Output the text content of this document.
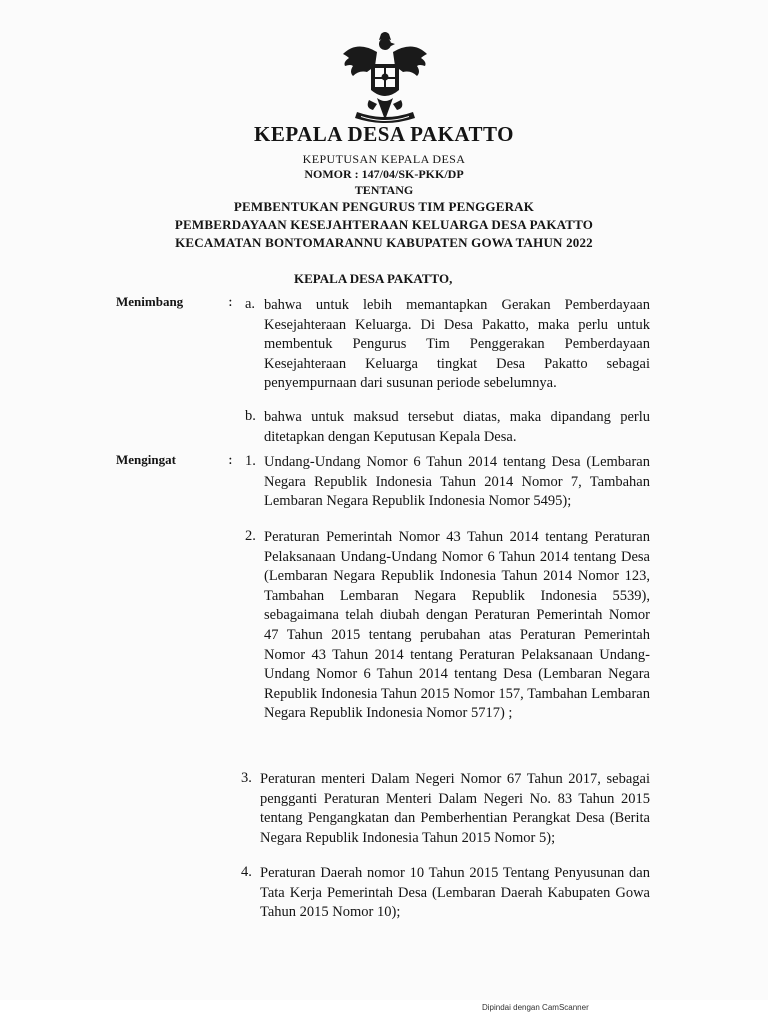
KEPALA DESA PAKATTO
KEPUTUSAN KEPALA DESA
NOMOR : 147/04/SK-PKK/DP
TENTANG
PEMBENTUKAN PENGURUS TIM PENGGERAK
PEMBERDAYAAN KESEJAHTERAAN KELUARGA DESA PAKATTO
KECAMATAN BONTOMARANNU KABUPATEN GOWA TAHUN 2022
KEPALA DESA PAKATTO,
Menimbang	: a. bahwa untuk lebih memantapkan Gerakan Pemberdayaan Kesejahteraan Keluarga. Di Desa Pakatto, maka perlu untuk membentuk Pengurus Tim Penggerakan Pemberdayaan Kesejahteraan Keluarga tingkat Desa Pakatto sebagai penyempurnaan dari susunan periode sebelumnya.
b. bahwa untuk maksud tersebut diatas, maka dipandang perlu ditetapkan dengan Keputusan Kepala Desa.
Mengingat	: 1. Undang-Undang Nomor 6 Tahun 2014 tentang Desa (Lembaran Negara Republik Indonesia Tahun 2014 Nomor 7, Tambahan Lembaran Negara Republik Indonesia Nomor 5495);
2. Peraturan Pemerintah Nomor 43 Tahun 2014 tentang Peraturan Pelaksanaan Undang-Undang Nomor 6 Tahun 2014 tentang Desa (Lembaran Negara Republik Indonesia Tahun 2014 Nomor 123, Tambahan Lembaran Negara Republik Indonesia 5539), sebagaimana telah diubah dengan Peraturan Pemerintah Nomor 47 Tahun 2015 tentang perubahan atas Peraturan Pemerintah Nomor 43 Tahun 2014 tentang Peraturan Pelaksanaan Undang-Undang Nomor 6 Tahun 2014 tentang Desa (Lembaran Negara Republik Indonesia Tahun 2015 Nomor 157, Tambahan Lembaran Negara Republik Indonesia Nomor 5717) ;
3. Peraturan menteri Dalam Negeri Nomor 67 Tahun 2017, sebagai pengganti Peraturan Menteri Dalam Negeri No. 83 Tahun 2015 tentang Pengangkatan dan Pemberhentian Perangkat Desa (Berita Negara Republik Indonesia Tahun 2015 Nomor 5);
4. Peraturan Daerah nomor 10 Tahun 2015 Tentang Penyusunan dan Tata Kerja Pemerintah Desa (Lembaran Daerah Kabupaten Gowa Tahun 2015 Nomor 10);
Dipindai dengan CamScanner
